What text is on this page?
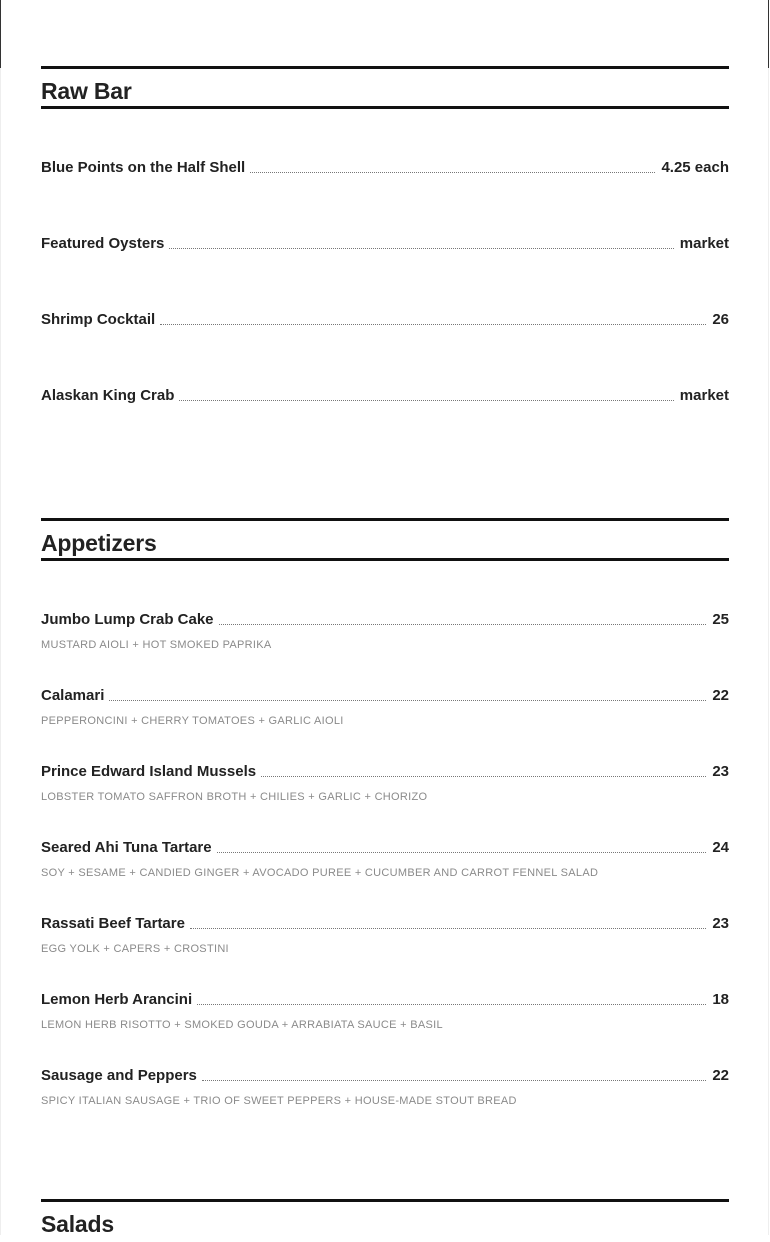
Raw Bar
Blue Points on the Half Shell	4.25 each
Featured Oysters	market
Shrimp Cocktail	26
Alaskan King Crab	market
Appetizers
Jumbo Lump Crab Cake	25
MUSTARD AIOLI + HOT SMOKED PAPRIKA
Calamari	22
PEPPERONCINI + CHERRY TOMATOES + GARLIC AIOLI
Prince Edward Island Mussels	23
LOBSTER TOMATO SAFFRON BROTH + CHILIES + GARLIC + CHORIZO
Seared Ahi Tuna Tartare	24
SOY + SESAME + CANDIED GINGER + AVOCADO PUREE + CUCUMBER AND CARROT FENNEL SALAD
Rassati Beef Tartare	23
EGG YOLK + CAPERS + CROSTINI
Lemon Herb Arancini	18
LEMON HERB RISOTTO + SMOKED GOUDA + ARRABIATA SAUCE + BASIL
Sausage and Peppers	22
SPICY ITALIAN SAUSAGE + TRIO OF SWEET PEPPERS + HOUSE-MADE STOUT BREAD
Salads
